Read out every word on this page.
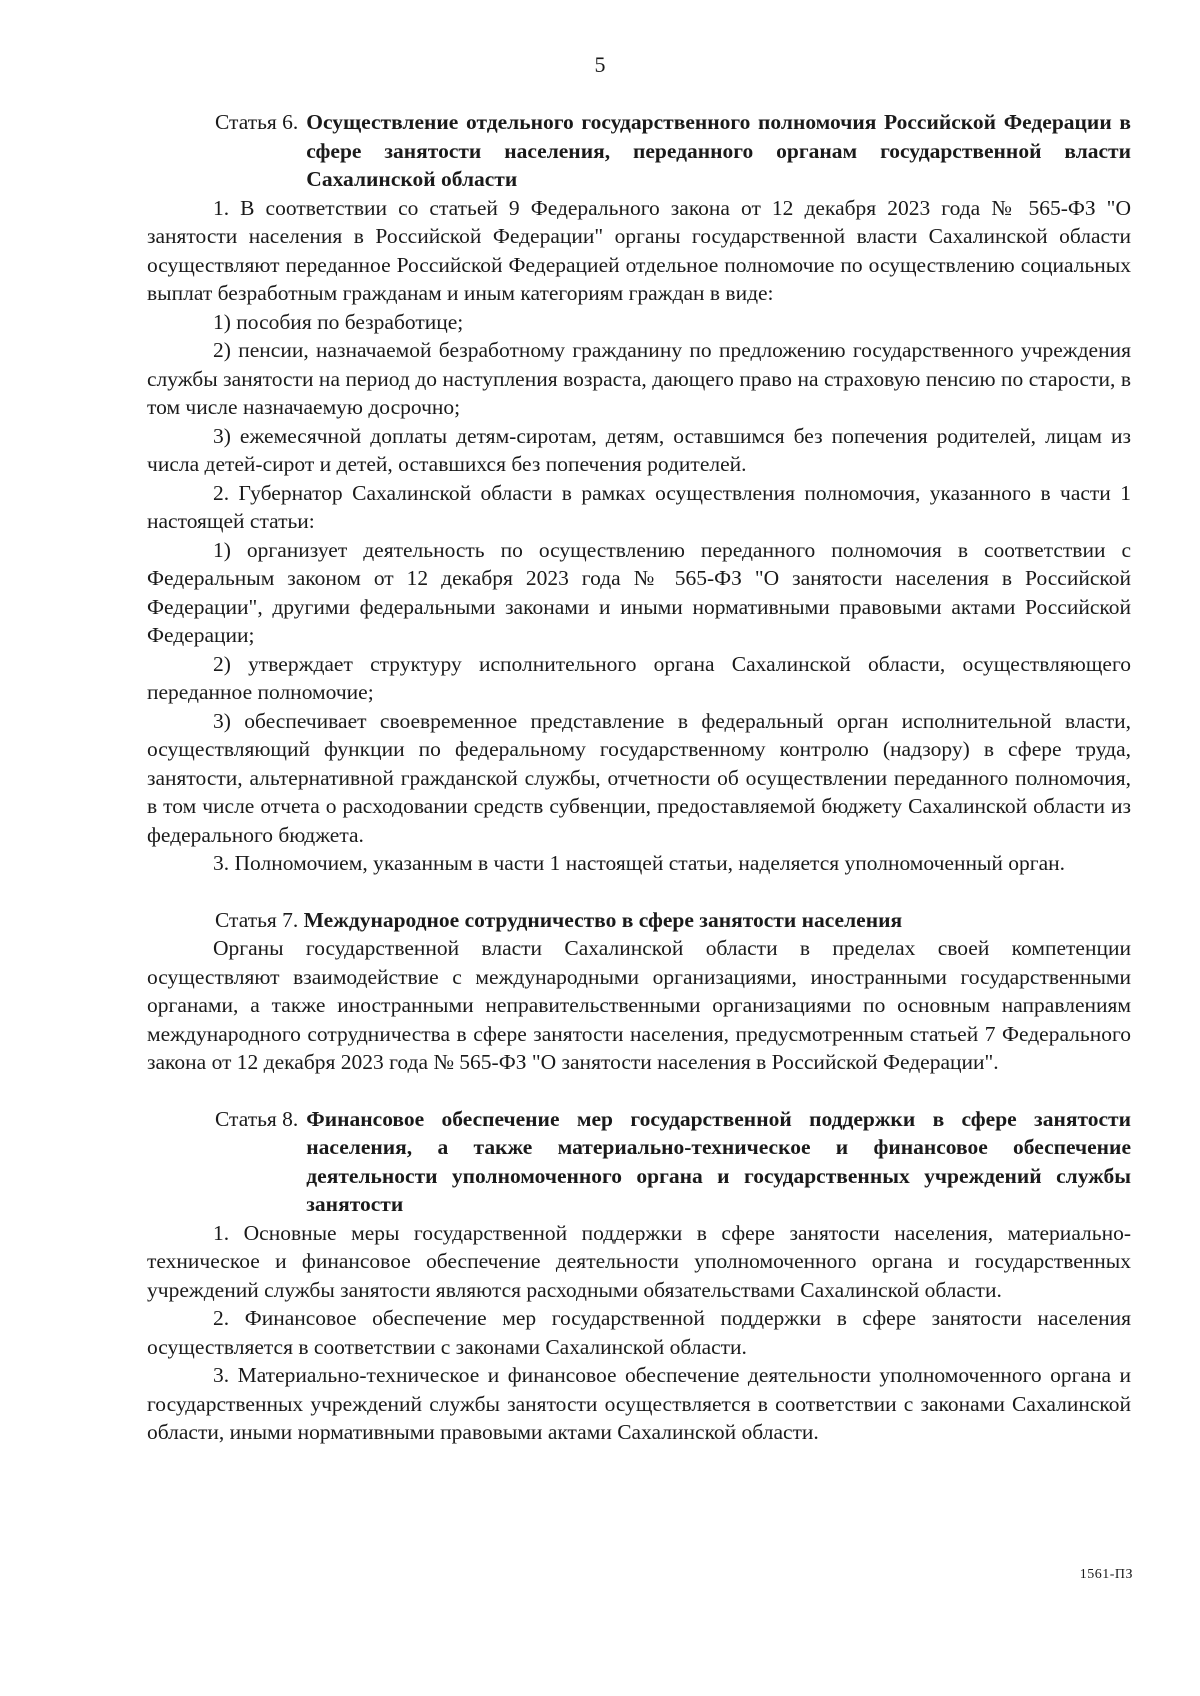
5
Статья 6. Осуществление отдельного государственного полномочия Российской Федерации в сфере занятости населения, переданного органам государственной власти Сахалинской области

1. В соответствии со статьей 9 Федерального закона от 12 декабря 2023 года № 565-ФЗ "О занятости населения в Российской Федерации" органы государственной власти Сахалинской области осуществляют переданное Российской Федерацией отдельное полномочие по осуществлению социальных выплат безработным гражданам и иным категориям граждан в виде:

1) пособия по безработице;

2) пенсии, назначаемой безработному гражданину по предложению государственного учреждения службы занятости на период до наступления возраста, дающего право на страховую пенсию по старости, в том числе назначаемую досрочно;

3) ежемесячной доплаты детям-сиротам, детям, оставшимся без попечения родителей, лицам из числа детей-сирот и детей, оставшихся без попечения родителей.

2. Губернатор Сахалинской области в рамках осуществления полномочия, указанного в части 1 настоящей статьи:

1) организует деятельность по осуществлению переданного полномочия в соответствии с Федеральным законом от 12 декабря 2023 года № 565-ФЗ "О занятости населения в Российской Федерации", другими федеральными законами и иными нормативными правовыми актами Российской Федерации;

2) утверждает структуру исполнительного органа Сахалинской области, осуществляющего переданное полномочие;

3) обеспечивает своевременное представление в федеральный орган исполнительной власти, осуществляющий функции по федеральному государственному контролю (надзору) в сфере труда, занятости, альтернативной гражданской службы, отчетности об осуществлении переданного полномочия, в том числе отчета о расходовании средств субвенции, предоставляемой бюджету Сахалинской области из федерального бюджета.

3. Полномочием, указанным в части 1 настоящей статьи, наделяется уполномоченный орган.

Статья 7. Международное сотрудничество в сфере занятости населения

Органы государственной власти Сахалинской области в пределах своей компетенции осуществляют взаимодействие с международными организациями, иностранными государственными органами, а также иностранными неправительственными организациями по основным направлениям международного сотрудничества в сфере занятости населения, предусмотренным статьей 7 Федерального закона от 12 декабря 2023 года № 565-ФЗ "О занятости населения в Российской Федерации".

Статья 8. Финансовое обеспечение мер государственной поддержки в сфере занятости населения, а также материально-техническое и финансовое обеспечение деятельности уполномоченного органа и государственных учреждений службы занятости

1. Основные меры государственной поддержки в сфере занятости населения, материально-техническое и финансовое обеспечение деятельности уполномоченного органа и государственных учреждений службы занятости являются расходными обязательствами Сахалинской области.

2. Финансовое обеспечение мер государственной поддержки в сфере занятости населения осуществляется в соответствии с законами Сахалинской области.

3. Материально-техническое и финансовое обеспечение деятельности уполномоченного органа и государственных учреждений службы занятости осуществляется в соответствии с законами Сахалинской области, иными нормативными правовыми актами Сахалинской области.

1561-ПЗ
